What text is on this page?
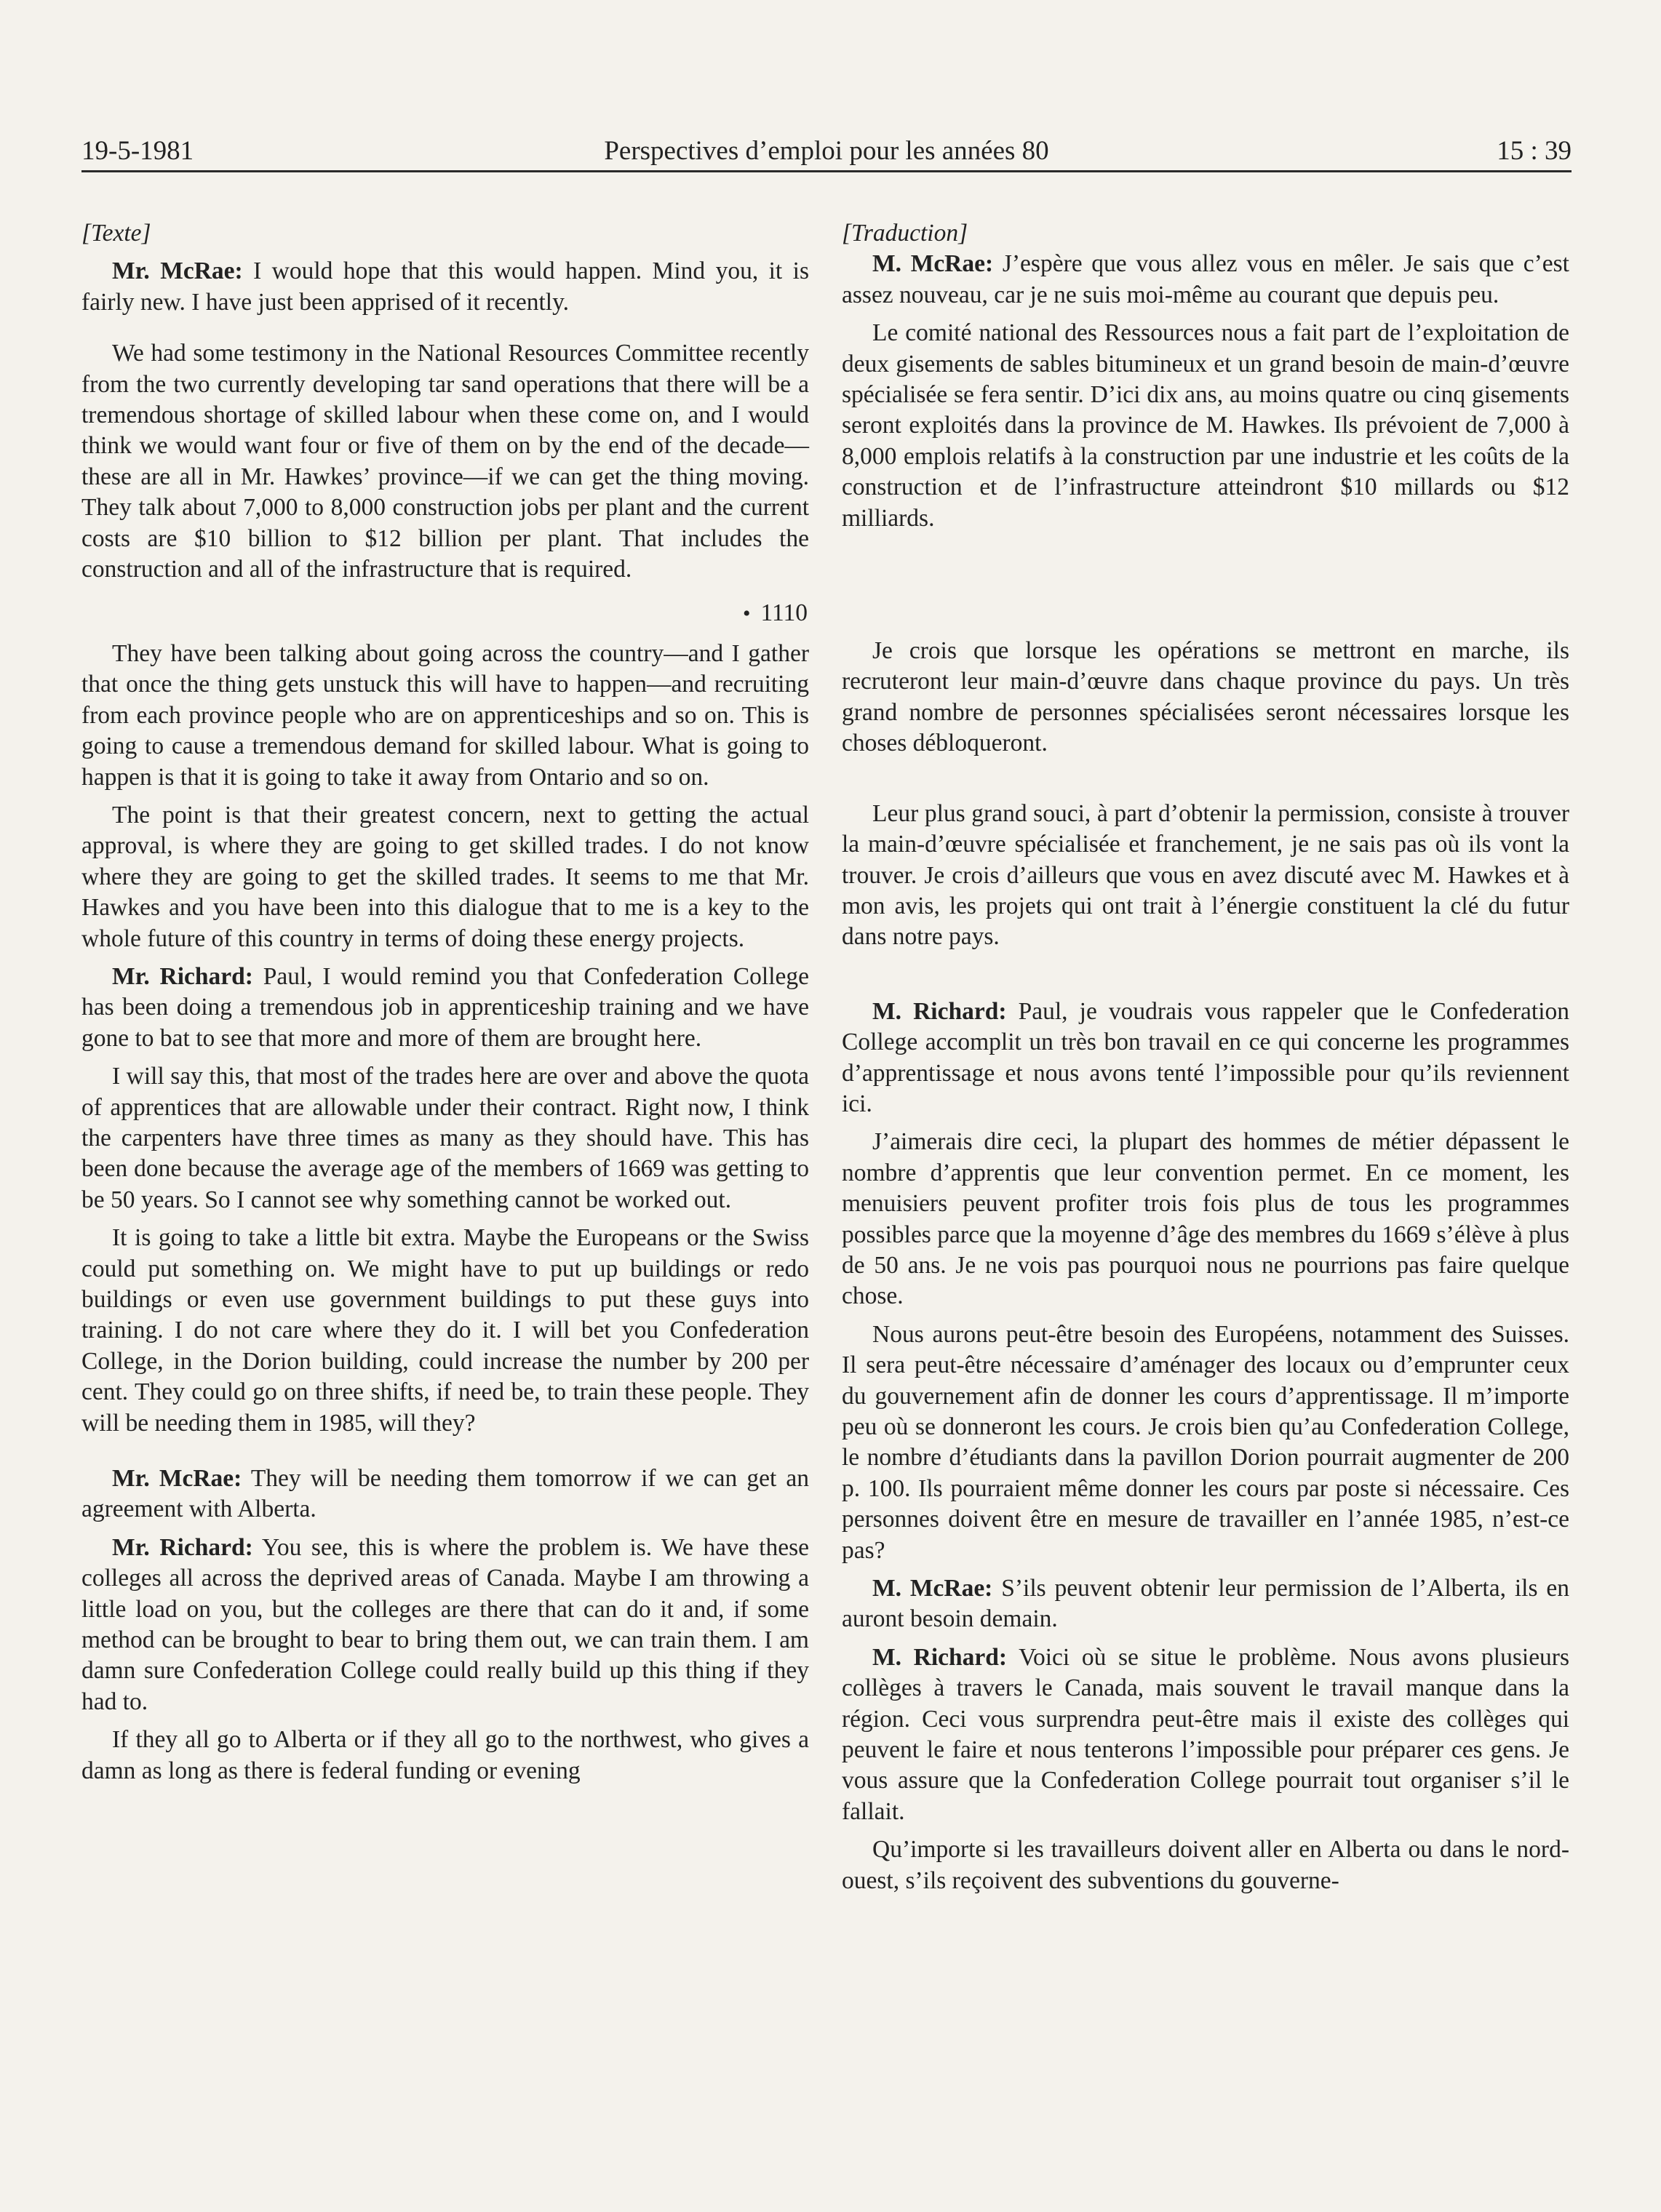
19-5-1981	Perspectives d’emploi pour les années 80	15 : 39
[Texte]

Mr. McRae: I would hope that this would happen. Mind you, it is fairly new. I have just been apprised of it recently.

We had some testimony in the National Resources Committee recently from the two currently developing tar sand operations that there will be a tremendous shortage of skilled labour when these come on, and I would think we would want four or five of them on by the end of the decade—these are all in Mr. Hawkes’ province—if we can get the thing moving. They talk about 7,000 to 8,000 construction jobs per plant and the current costs are $10 billion to $12 billion per plant. That includes the construction and all of the infrastructure that is required.

• 1110

They have been talking about going across the country—and I gather that once the thing gets unstuck this will have to happen—and recruiting from each province people who are on apprenticeships and so on. This is going to cause a tremendous demand for skilled labour. What is going to happen is that it is going to take it away from Ontario and so on.

The point is that their greatest concern, next to getting the actual approval, is where they are going to get skilled trades. I do not know where they are going to get the skilled trades. It seems to me that Mr. Hawkes and you have been into this dialogue that to me is a key to the whole future of this country in terms of doing these energy projects.

Mr. Richard: Paul, I would remind you that Confederation College has been doing a tremendous job in apprenticeship training and we have gone to bat to see that more and more of them are brought here.

I will say this, that most of the trades here are over and above the quota of apprentices that are allowable under their contract. Right now, I think the carpenters have three times as many as they should have. This has been done because the average age of the members of 1669 was getting to be 50 years. So I cannot see why something cannot be worked out.

It is going to take a little bit extra. Maybe the Europeans or the Swiss could put something on. We might have to put up buildings or redo buildings or even use government buildings to put these guys into training. I do not care where they do it. I will bet you Confederation College, in the Dorion building, could increase the number by 200 per cent. They could go on three shifts, if need be, to train these people. They will be needing them in 1985, will they?

Mr. McRae: They will be needing them tomorrow if we can get an agreement with Alberta.

Mr. Richard: You see, this is where the problem is. We have these colleges all across the deprived areas of Canada. Maybe I am throwing a little load on you, but the colleges are there that can do it and, if some method can be brought to bear to bring them out, we can train them. I am damn sure Confederation College could really build up this thing if they had to.

If they all go to Alberta or if they all go to the northwest, who gives a damn as long as there is federal funding or evening

[Traduction]

M. McRae: J’espère que vous allez vous en mêler. Je sais que c’est assez nouveau, car je ne suis moi-même au courant que depuis peu.

Le comité national des Ressources nous a fait part de l’exploitation de deux gisements de sables bitumineux et un grand besoin de main-d’œuvre spécialisée se fera sentir. D’ici dix ans, au moins quatre ou cinq gisements seront exploités dans la province de M. Hawkes. Ils prévoient de 7,000 à 8,000 emplois relatifs à la construction par une industrie et les coûts de la construction et de l’infrastructure atteindront $10 millards ou $12 milliards.

Je crois que lorsque les opérations se mettront en marche, ils recruteront leur main-d’œuvre dans chaque province du pays. Un très grand nombre de personnes spécialisées seront nécessaires lorsque les choses débloqueront.

Leur plus grand souci, à part d’obtenir la permission, consiste à trouver la main-d’œuvre spécialisée et franchement, je ne sais pas où ils vont la trouver. Je crois d’ailleurs que vous en avez discuté avec M. Hawkes et à mon avis, les projets qui ont trait à l’énergie constituent la clé du futur dans notre pays.

M. Richard: Paul, je voudrais vous rappeler que le Confederation College accomplit un très bon travail en ce qui concerne les programmes d’apprentissage et nous avons tenté l’impossible pour qu’ils reviennent ici.

J’aimerais dire ceci, la plupart des hommes de métier dépassent le nombre d’apprentis que leur convention permet. En ce moment, les menuisiers peuvent profiter trois fois plus de tous les programmes possibles parce que la moyenne d’âge des membres du 1669 s’élève à plus de 50 ans. Je ne vois pas pourquoi nous ne pourrions pas faire quelque chose.

Nous aurons peut-être besoin des Européens, notamment des Suisses. Il sera peut-être nécessaire d’aménager des locaux ou d’emprunter ceux du gouvernement afin de donner les cours d’apprentissage. Il m’importe peu où se donneront les cours. Je crois bien qu’au Confederation College, le nombre d’étudiants dans la pavillon Dorion pourrait augmenter de 200 p. 100. Ils pourraient même donner les cours par poste si nécessaire. Ces personnes doivent être en mesure de travailler en l’année 1985, n’est-ce pas?

M. McRae: S’ils peuvent obtenir leur permission de l’Alberta, ils en auront besoin demain.

M. Richard: Voici où se situe le problème. Nous avons plusieurs collèges à travers le Canada, mais souvent le travail manque dans la région. Ceci vous surprendra peut-être mais il existe des collèges qui peuvent le faire et nous tenterons l’impossible pour préparer ces gens. Je vous assure que la Confederation College pourrait tout organiser s’il le fallait.

Qu’importe si les travailleurs doivent aller en Alberta ou dans le nord-ouest, s’ils reçoivent des subventions du gouverne-
